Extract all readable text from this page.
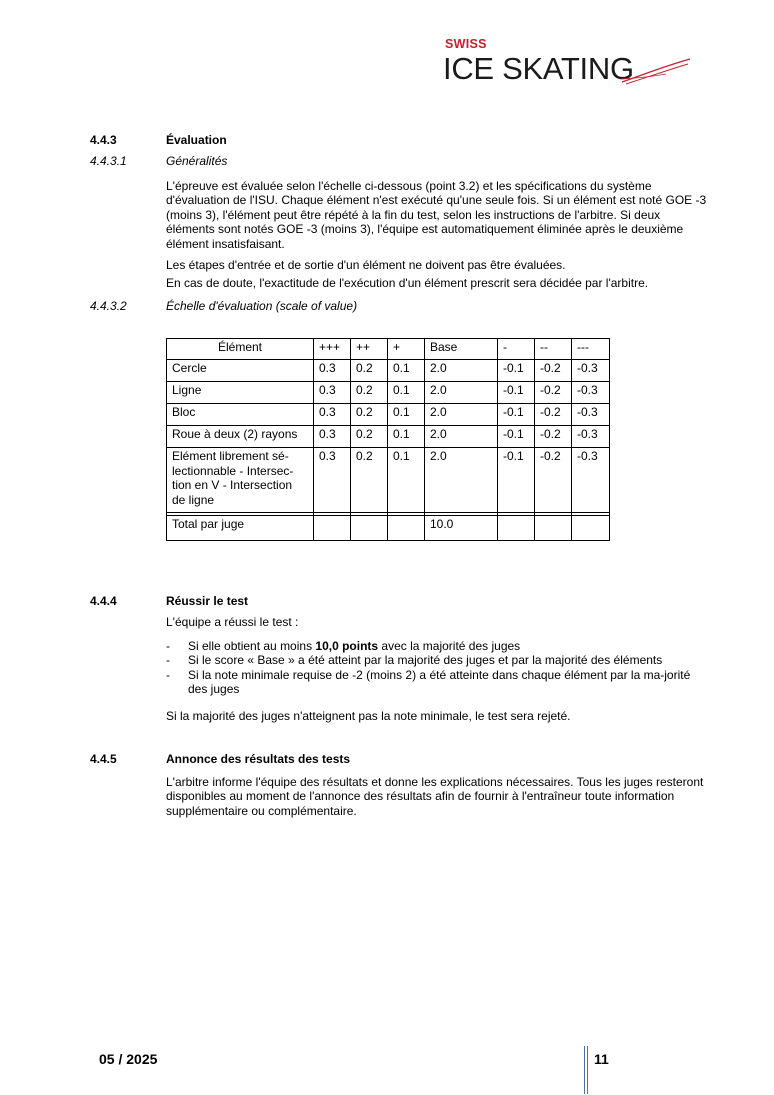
SWISS
ICE SKATING
4.4.3	Évaluation
4.4.3.1	Généralités
L'épreuve est évaluée selon l'échelle ci-dessous (point 3.2) et les spécifications du système d'évaluation de l'ISU. Chaque élément n'est exécuté qu'une seule fois. Si un élément est noté GOE -3 (moins 3), l'élément peut être répété à la fin du test, selon les instructions de l'arbitre. Si deux éléments sont notés GOE -3 (moins 3), l'équipe est automatiquement éliminée après le deuxième élément insatisfaisant.
Les étapes d'entrée et de sortie d'un élément ne doivent pas être évaluées.
En cas de doute, l'exactitude de l'exécution d'un élément prescrit sera décidée par l'arbitre.
4.4.3.2	Échelle d'évaluation (scale of value)
Élément	+++	++	+	Base	-	--	---
Cercle	0.3	0.2	0.1	2.0	-0.1	-0.2	-0.3
Ligne	0.3	0.2	0.1	2.0	-0.1	-0.2	-0.3
Bloc	0.3	0.2	0.1	2.0	-0.1	-0.2	-0.3
Roue à deux (2) rayons	0.3	0.2	0.1	2.0	-0.1	-0.2	-0.3
Elément librement sé-lectionnable - Intersec-tion en V - Intersection de ligne	0.3	0.2	0.1	2.0	-0.1	-0.2	-0.3

Total par juge				10.0			
4.4.4	Réussir le test
L'équipe a réussi le test :
- Si elle obtient au moins 10,0 points avec la majorité des juges
- Si le score « Base » a été atteint par la majorité des juges et par la majorité des éléments
- Si la note minimale requise de -2 (moins 2) a été atteinte dans chaque élément par la ma-jorité des juges
Si la majorité des juges n'atteignent pas la note minimale, le test sera rejeté.
4.4.5	Annonce des résultats des tests
L'arbitre informe l'équipe des résultats et donne les explications nécessaires. Tous les juges resteront disponibles au moment de l'annonce des résultats afin de fournir à l'entraîneur toute information supplémentaire ou complémentaire.
05 / 2025	11
